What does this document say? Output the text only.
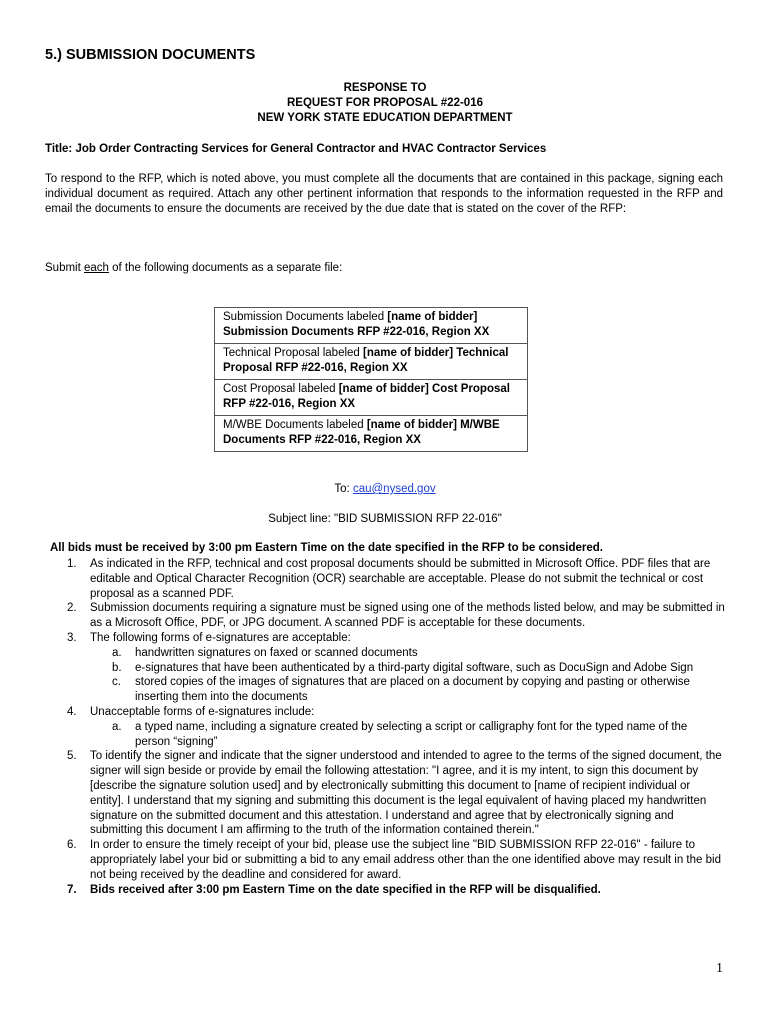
5.) SUBMISSION DOCUMENTS
RESPONSE TO
REQUEST FOR PROPOSAL #22-016
NEW YORK STATE EDUCATION DEPARTMENT
Title: Job Order Contracting Services for General Contractor and HVAC Contractor Services
To respond to the RFP, which is noted above, you must complete all the documents that are contained in this package, signing each individual document as required. Attach any other pertinent information that responds to the information requested in the RFP and email the documents to ensure the documents are received by the due date that is stated on the cover of the RFP:
Submit each of the following documents as a separate file:
Submission Documents labeled [name of bidder] Submission Documents RFP #22-016, Region XX
Technical Proposal labeled [name of bidder] Technical Proposal RFP #22-016, Region XX
Cost Proposal labeled [name of bidder] Cost Proposal RFP #22-016, Region XX
M/WBE Documents labeled [name of bidder] M/WBE Documents RFP #22-016, Region XX
To: cau@nysed.gov
Subject line: "BID SUBMISSION RFP 22-016"
All bids must be received by 3:00 pm Eastern Time on the date specified in the RFP to be considered.
1. As indicated in the RFP, technical and cost proposal documents should be submitted in Microsoft Office. PDF files that are editable and Optical Character Recognition (OCR) searchable are acceptable. Please do not submit the technical or cost proposal as a scanned PDF.
2. Submission documents requiring a signature must be signed using one of the methods listed below, and may be submitted in as a Microsoft Office, PDF, or JPG document. A scanned PDF is acceptable for these documents.
3. The following forms of e-signatures are acceptable:
a. handwritten signatures on faxed or scanned documents
b. e-signatures that have been authenticated by a third-party digital software, such as DocuSign and Adobe Sign
c. stored copies of the images of signatures that are placed on a document by copying and pasting or otherwise inserting them into the documents
4. Unacceptable forms of e-signatures include:
a. a typed name, including a signature created by selecting a script or calligraphy font for the typed name of the person “signing”
5. To identify the signer and indicate that the signer understood and intended to agree to the terms of the signed document, the signer will sign beside or provide by email the following attestation: "I agree, and it is my intent, to sign this document by [describe the signature solution used] and by electronically submitting this document to [name of recipient individual or entity]. I understand that my signing and submitting this document is the legal equivalent of having placed my handwritten signature on the submitted document and this attestation. I understand and agree that by electronically signing and submitting this document I am affirming to the truth of the information contained therein."
6. In order to ensure the timely receipt of your bid, please use the subject line "BID SUBMISSION RFP 22-016" - failure to appropriately label your bid or submitting a bid to any email address other than the one identified above may result in the bid not being received by the deadline and considered for award.
7. Bids received after 3:00 pm Eastern Time on the date specified in the RFP will be disqualified.
1
